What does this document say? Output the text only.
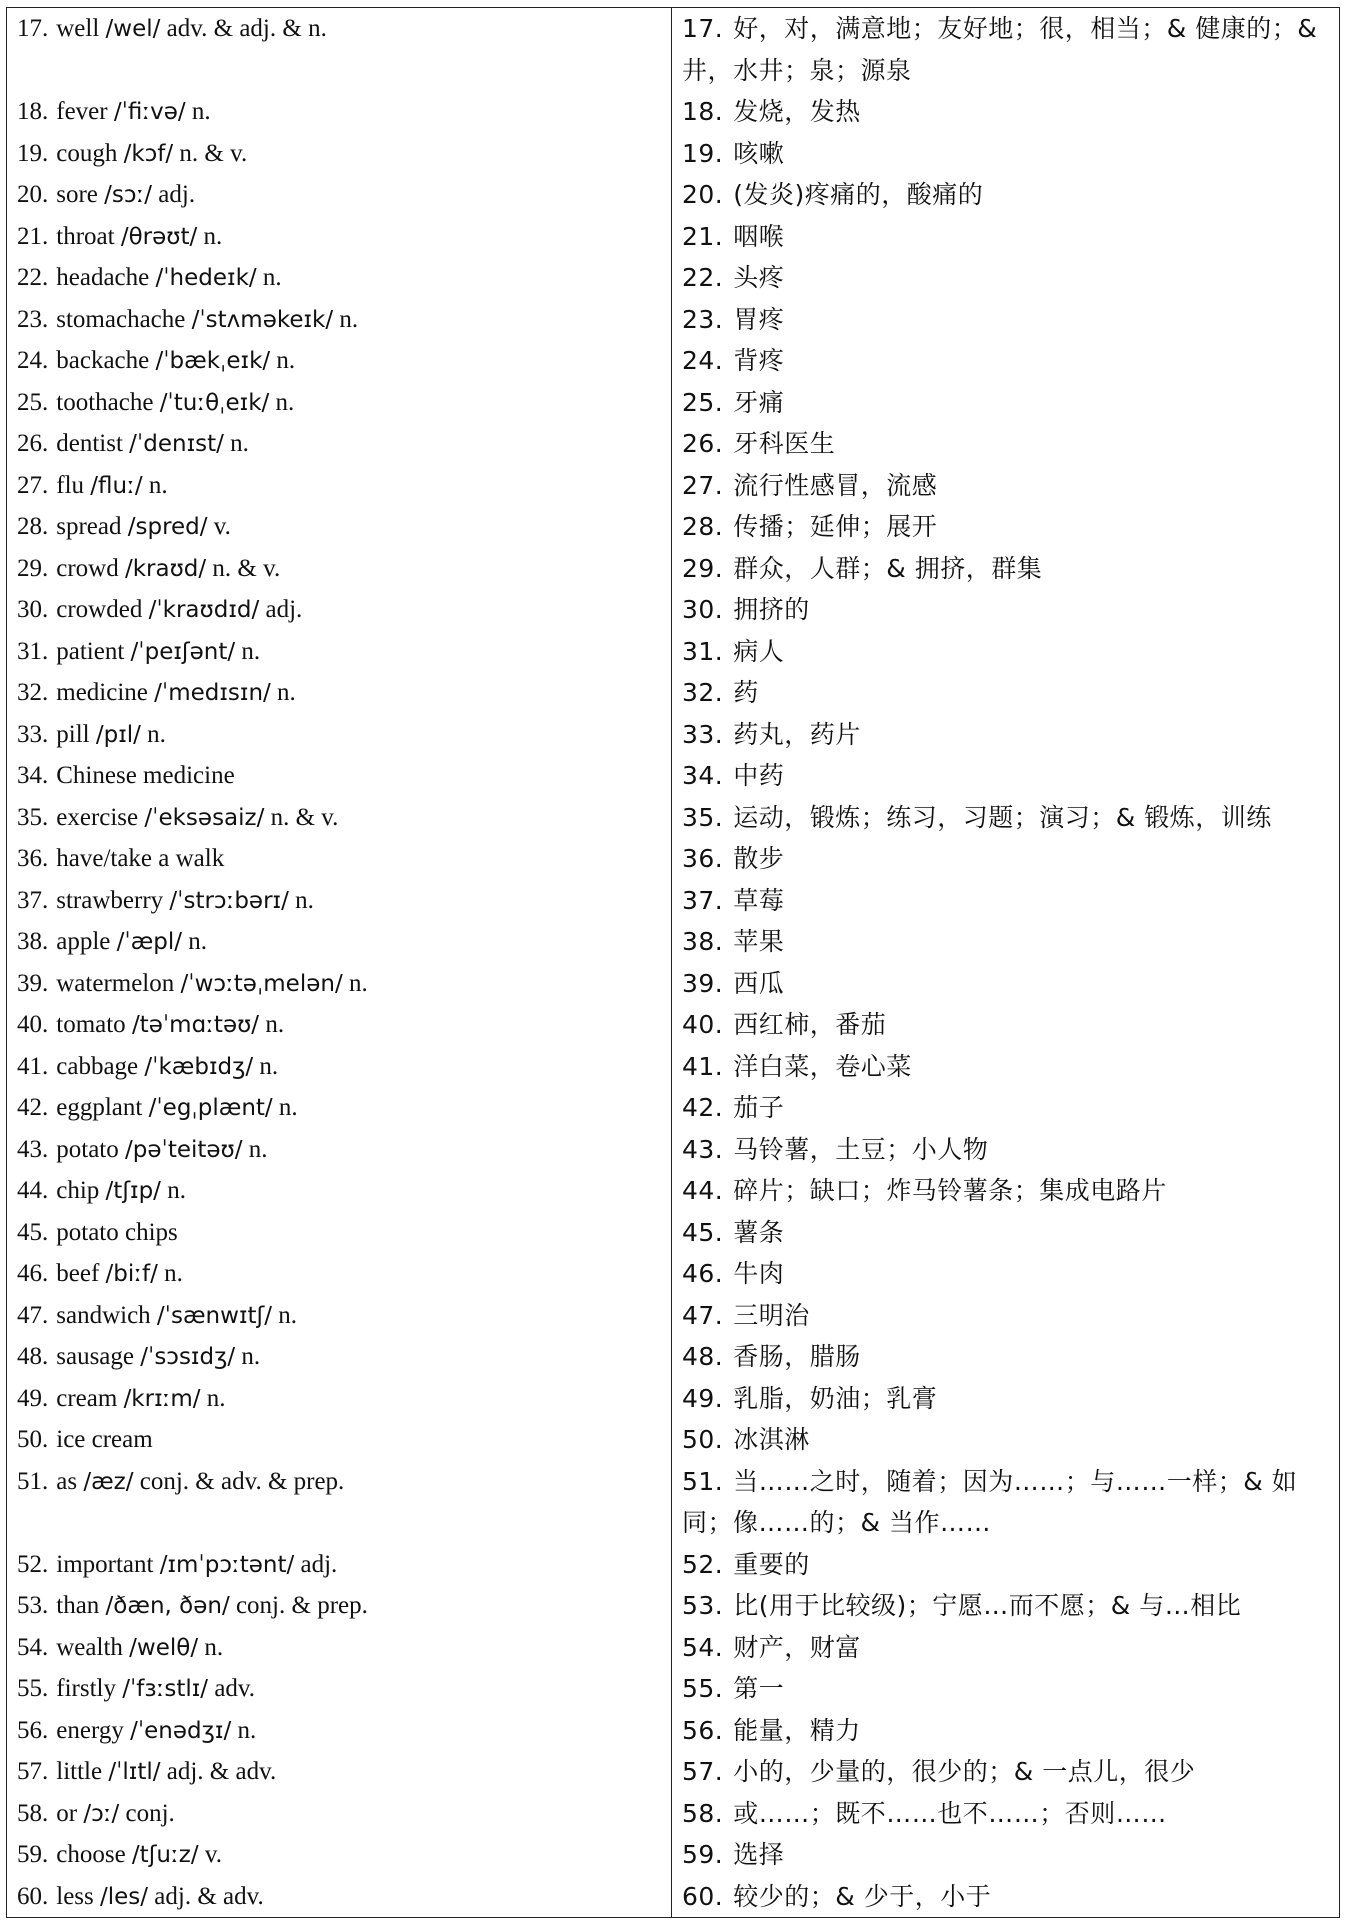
17. well /wel/ adv. & adj. & n.
18. fever /ˈfiːvə/ n.
19. cough /kɔf/ n. & v.
20. sore /sɔː/ adj.
21. throat /θrəʊt/ n.
22. headache /ˈhedeɪk/ n.
23. stomachache /ˈstʌməkeɪk/ n.
24. backache /ˈbækˌeɪk/ n.
25. toothache /ˈtuːθˌeɪk/ n.
26. dentist /ˈdenɪst/ n.
27. flu /fluː/ n.
28. spread /spred/ v.
29. crowd /kraʊd/ n. & v.
30. crowded /ˈkraʊdɪd/ adj.
31. patient /ˈpeɪʃənt/ n.
32. medicine /ˈmedɪsɪn/ n.
33. pill /pɪl/ n.
34. Chinese medicine
35. exercise /ˈeksəsaiz/ n. & v.
36. have/take a walk
37. strawberry /ˈstrɔːbərɪ/ n.
38. apple /ˈæpl/ n.
39. watermelon /ˈwɔːtəˌmelən/ n.
40. tomato /təˈmɑːtəʊ/ n.
41. cabbage /ˈkæbɪdʒ/ n.
42. eggplant /ˈegˌplænt/ n.
43. potato /pəˈteitəʊ/ n.
44. chip /tʃɪp/ n.
45. potato chips
46. beef /biːf/ n.
47. sandwich /ˈsænwɪtʃ/ n.
48. sausage /ˈsɔsɪdʒ/ n.
49. cream /krɪːm/ n.
50. ice cream
51. as /æz/ conj. & adv. & prep.
52. important /ɪmˈpɔːtənt/ adj.
53. than /ðæn, ðən/ conj. & prep.
54. wealth /welθ/ n.
55. firstly /ˈfɜːstlɪ/ adv.
56. energy /ˈenədʒɪ/ n.
57. little /ˈlɪtl/ adj. & adv.
58. or /ɔː/ conj.
59. choose /tʃuːz/ v.
60. less /les/ adj. & adv.
17. 好，对，满意地；友好地；很，相当；& 健康的；& 井，水井；泉；源泉
18. 发烧，发热
19. 咳嗽
20. (发炎)疼痛的，酸痛的
21. 咽喉
22. 头疼
23. 胃疼
24. 背疼
25. 牙痛
26. 牙科医生
27. 流行性感冒，流感
28. 传播；延伸；展开
29. 群众，人群；& 拥挤，群集
30. 拥挤的
31. 病人
32. 药
33. 药丸，药片
34. 中药
35. 运动，锻炼；练习，习题；演习；& 锻炼，训练
36. 散步
37. 草莓
38. 苹果
39. 西瓜
40. 西红柿，番茄
41. 洋白菜，卷心菜
42. 茄子
43. 马铃薯，土豆；小人物
44. 碎片；缺口；炸马铃薯条；集成电路片
45. 薯条
46. 牛肉
47. 三明治
48. 香肠，腊肠
49. 乳脂，奶油；乳膏
50. 冰淇淋
51. 当……之时，随着；因为……；与……一样；& 如同；像……的；& 当作……
52. 重要的
53. 比(用于比较级)；宁愿…而不愿；& 与…相比
54. 财产，财富
55. 第一
56. 能量，精力
57. 小的，少量的，很少的；& 一点儿，很少
58. 或……；既不……也不……；否则……
59. 选择
60. 较少的；& 少于，小于
